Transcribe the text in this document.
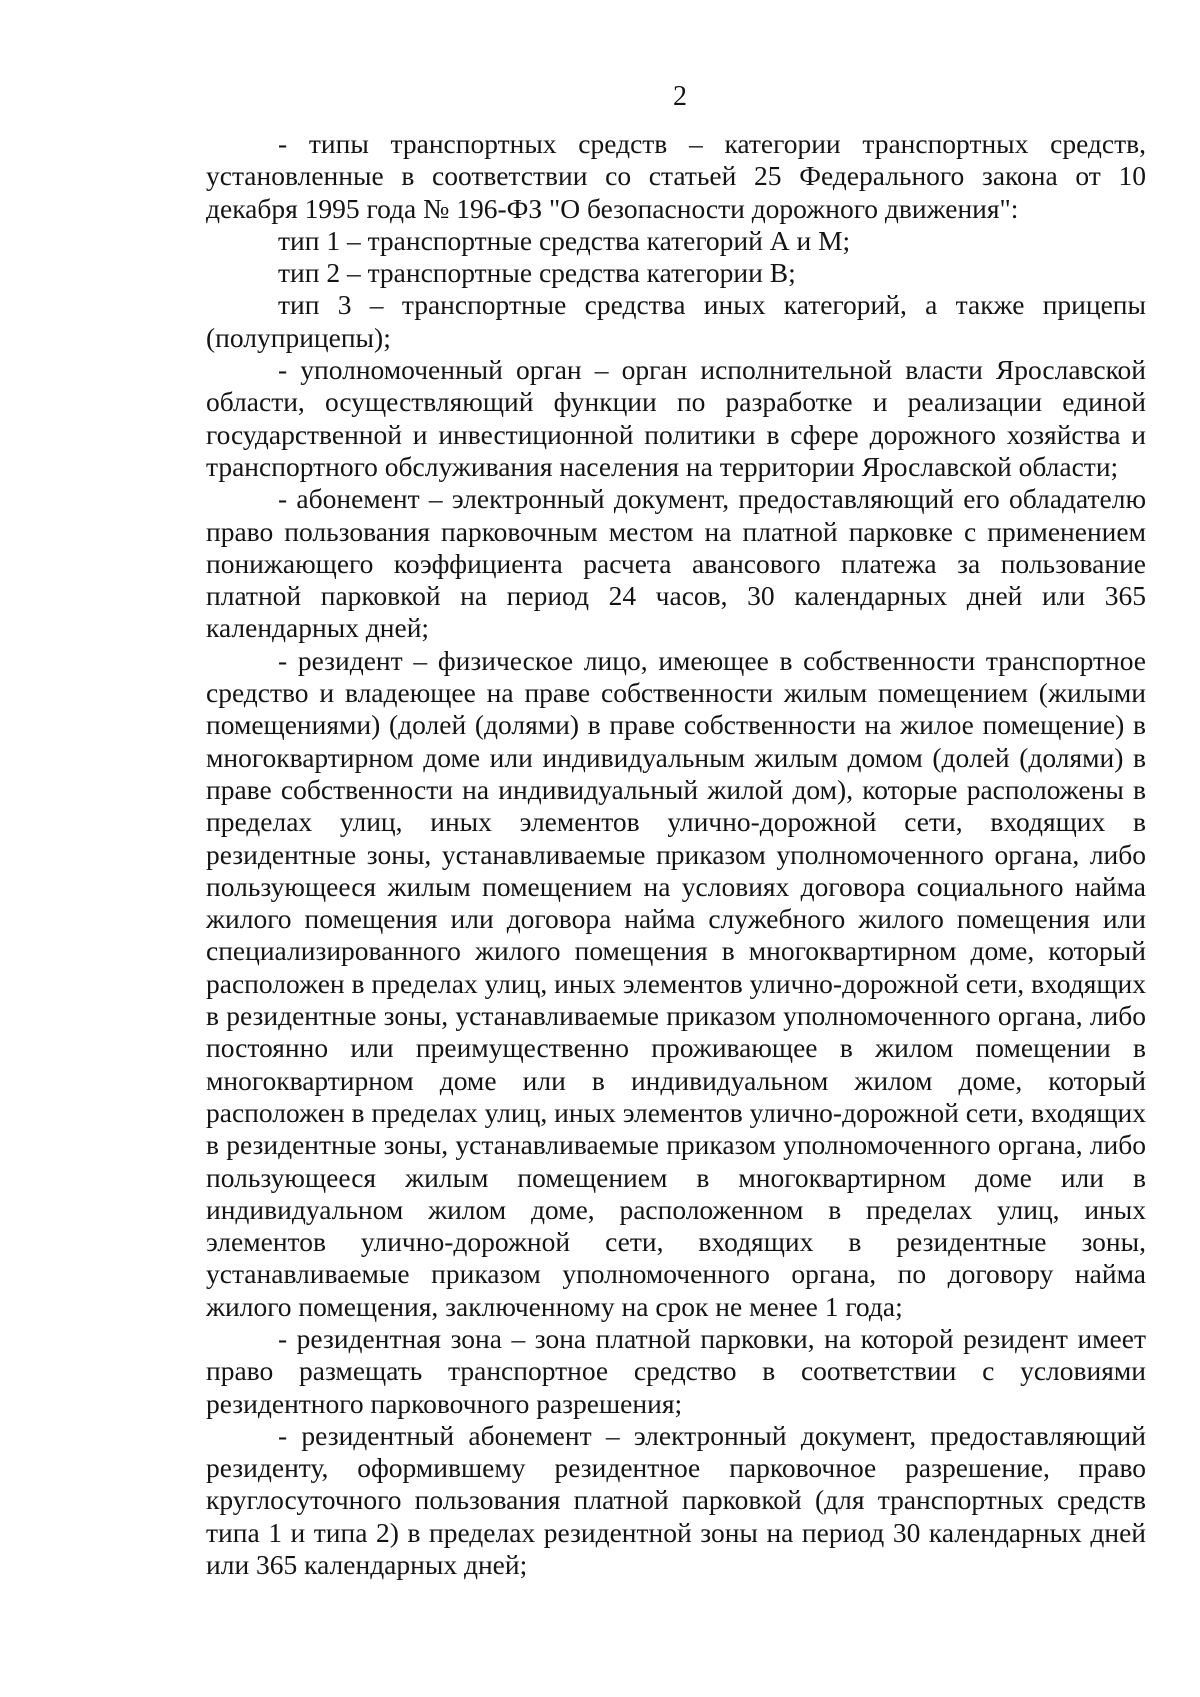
2

- типы транспортных средств – категории транспортных средств, установленные в соответствии со статьей 25 Федерального закона от 10 декабря 1995 года № 196-ФЗ "О безопасности дорожного движения":

тип 1 – транспортные средства категорий А и М;

тип 2 – транспортные средства категории В;

тип 3 – транспортные средства иных категорий, а также прицепы (полуприцепы);

- уполномоченный орган – орган исполнительной власти Ярославской области, осуществляющий функции по разработке и реализации единой государственной и инвестиционной политики в сфере дорожного хозяйства и транспортного обслуживания населения на территории Ярославской области;

- абонемент – электронный документ, предоставляющий его обладателю право пользования парковочным местом на платной парковке с применением понижающего коэффициента расчета авансового платежа за пользование платной парковкой на период 24 часов, 30 календарных дней или 365 календарных дней;

- резидент – физическое лицо, имеющее в собственности транспортное средство и владеющее на праве собственности жилым помещением (жилыми помещениями) (долей (долями) в праве собственности на жилое помещение) в многоквартирном доме или индивидуальным жилым домом (долей (долями) в праве собственности на индивидуальный жилой дом), которые расположены в пределах улиц, иных элементов улично-дорожной сети, входящих в резидентные зоны, устанавливаемые приказом уполномоченного органа, либо пользующееся жилым помещением на условиях договора социального найма жилого помещения или договора найма служебного жилого помещения или специализированного жилого помещения в многоквартирном доме, который расположен в пределах улиц, иных элементов улично-дорожной сети, входящих в резидентные зоны, устанавливаемые приказом уполномоченного органа, либо постоянно или преимущественно проживающее в жилом помещении в многоквартирном доме или в индивидуальном жилом доме, который расположен в пределах улиц, иных элементов улично-дорожной сети, входящих в резидентные зоны, устанавливаемые приказом уполномоченного органа, либо пользующееся жилым помещением в многоквартирном доме или в индивидуальном жилом доме, расположенном в пределах улиц, иных элементов улично-дорожной сети, входящих в резидентные зоны, устанавливаемые приказом уполномоченного органа, по договору найма жилого помещения, заключенному на срок не менее 1 года;

- резидентная зона – зона платной парковки, на которой резидент имеет право размещать транспортное средство в соответствии с условиями резидентного парковочного разрешения;

- резидентный абонемент – электронный документ, предоставляющий резиденту, оформившему резидентное парковочное разрешение, право круглосуточного пользования платной парковкой (для транспортных средств типа 1 и типа 2) в пределах резидентной зоны на период 30 календарных дней или 365 календарных дней;
